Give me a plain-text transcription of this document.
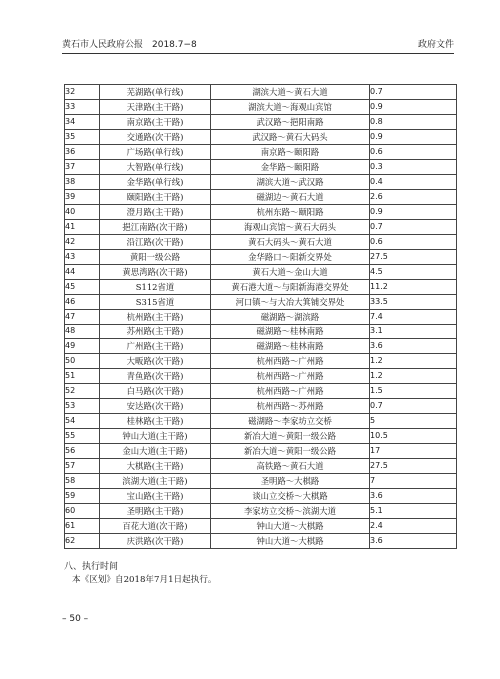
黄石市人民政府公报　2018.7−8	政府文件
32	芜湖路(单行线)	湖滨大道～黄石大道	0.7
33	天津路(主干路)	湖滨大道～海观山宾馆	0.9
34	南京路(主干路)	武汉路～挹阳南路	0.8
35	交通路(次干路)	武汉路～黄石大码头	0.9
36	广场路(单行线)	南京路～颐阳路	0.6
37	大智路(单行线)	金华路～颐阳路	0.3
38	金华路(单行线)	湖滨大道～武汉路	0.4
39	颐阳路(主干路)	磁湖边～黄石大道	2.6
40	澄月路(主干路)	杭州东路～颐阳路	0.9
41	挹江南路(次干路)	海观山宾馆～黄石大码头	0.7
42	沿江路(次干路)	黄石大码头～黄石大道	0.6
43	黄阳一级公路	金华路口～阳新交界处	27.5
44	黄思湾路(次干路)	黄石大道～金山大道	4.5
45	S112省道	黄石港大道～与阳新海港交界处	11.2
46	S315省道	河口镇～与大冶大箕铺交界处	33.5
47	杭州路(主干路)	磁湖路～湖滨路	7.4
48	苏州路(主干路)	磁湖路～桂林南路	3.1
49	广州路(主干路)	磁湖路～桂林南路	3.6
50	大畈路(次干路)	杭州西路～广州路	1.2
51	青鱼路(次干路)	杭州西路～广州路	1.2
52	白马路(次干路)	杭州西路～广州路	1.5
53	安达路(次干路)	杭州西路～苏州路	0.7
54	桂林路(主干路)	磁湖路～李家坊立交桥	5
55	钟山大道(主干路)	新冶大道～黄阳一级公路	10.5
56	金山大道(主干路)	新冶大道～黄阳一级公路	17
57	大棋路(主干路)	高铁路～黄石大道	27.5
58	滨湖大道(主干路)	圣明路～大棋路	7
59	宝山路(主干路)	谈山立交桥～大棋路	3.6
60	圣明路(主干路)	李家坊立交桥～滨湖大道	5.1
61	百花大道(次干路)	钟山大道～大棋路	2.4
62	庆洪路(次干路)	钟山大道～大棋路	3.6
八、执行时间
本《区划》自2018年7月1日起执行。
– 50 –
